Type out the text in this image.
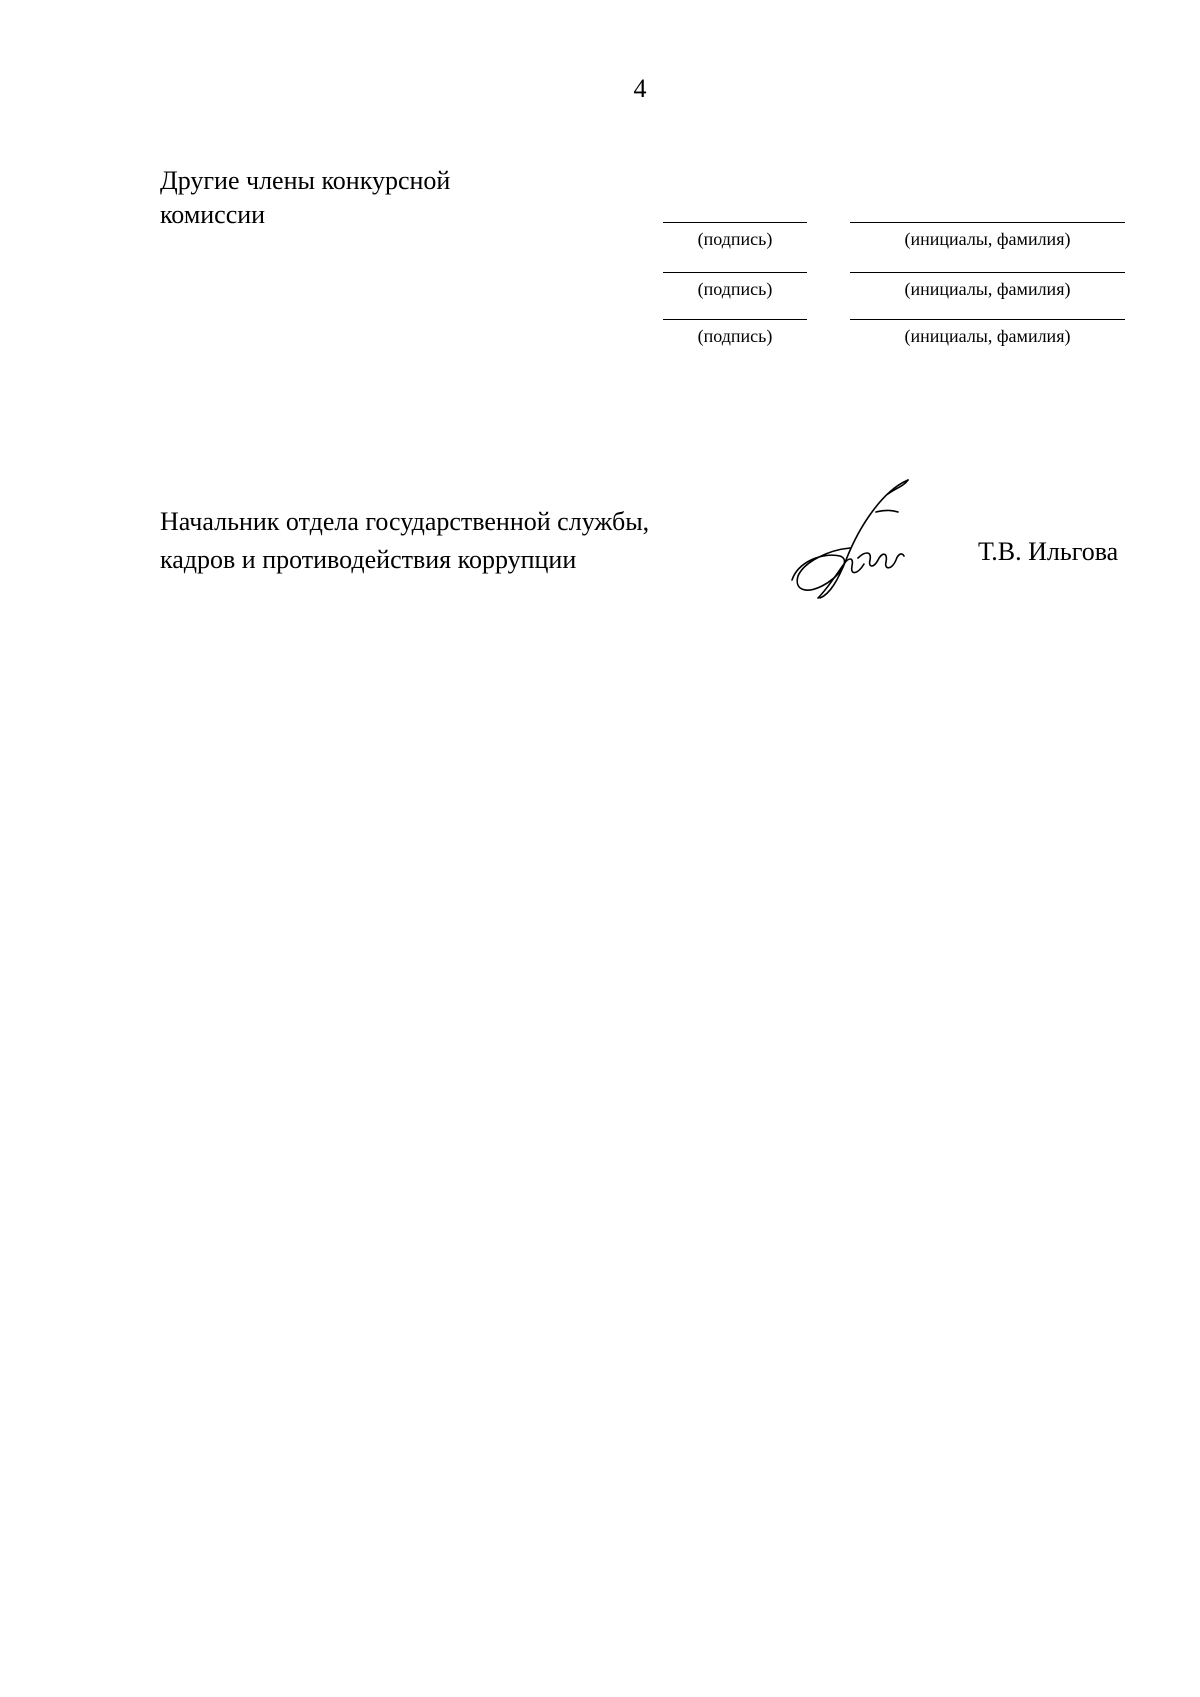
4
Другие члены конкурсной
комиссии
(подпись)	(инициалы, фамилия)
(подпись)	(инициалы, фамилия)
(подпись)	(инициалы, фамилия)
Начальник отдела государственной службы,
кадров и противодействия коррупции	Т.В. Ильгова
